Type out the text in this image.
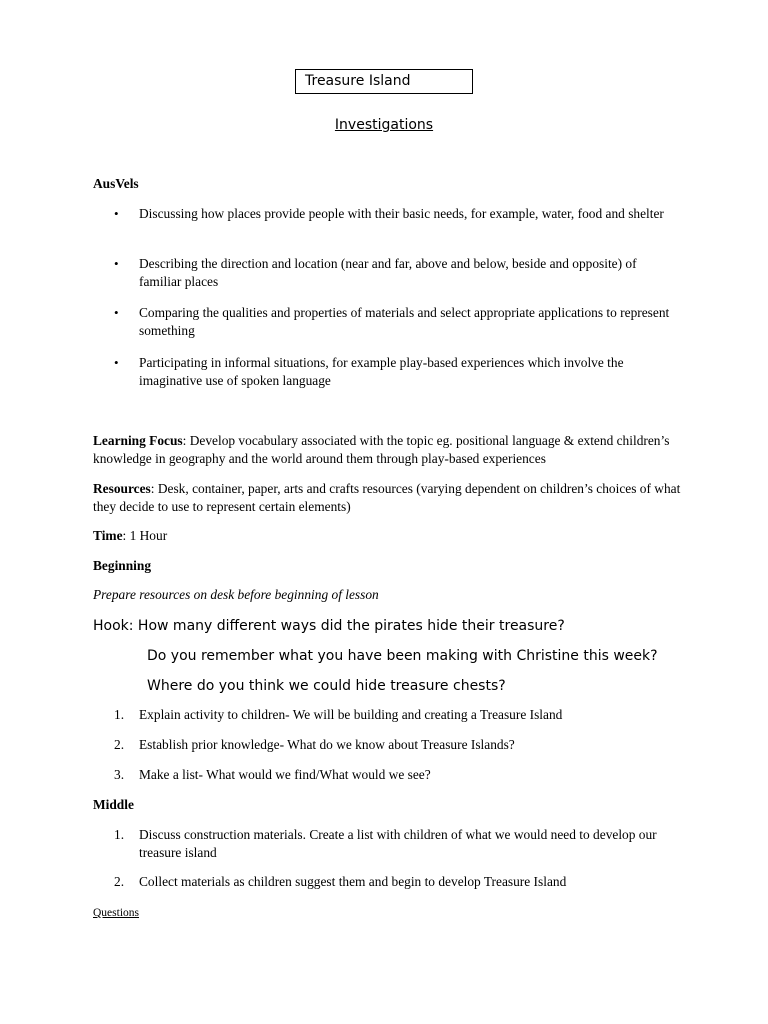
Treasure Island
Investigations
AusVels
• Discussing how places provide people with their basic needs, for example, water, food and shelter
• Describing the direction and location (near and far, above and below, beside and opposite) of familiar places
• Comparing the qualities and properties of materials and select appropriate applications to represent something
• Participating in informal situations, for example play-based experiences which involve the imaginative use of spoken language
Learning Focus: Develop vocabulary associated with the topic eg. positional language & extend children’s knowledge in geography and the world around them through play-based experiences
Resources: Desk, container, paper, arts and crafts resources (varying dependent on children’s choices of what they decide to use to represent certain elements)
Time: 1 Hour
Beginning
Prepare resources on desk before beginning of lesson
Hook: How many different ways did the pirates hide their treasure?
Do you remember what you have been making with Christine this week?
Where do you think we could hide treasure chests?
1. Explain activity to children- We will be building and creating a Treasure Island
2. Establish prior knowledge- What do we know about Treasure Islands?
3. Make a list- What would we find/What would we see?
Middle
1. Discuss construction materials. Create a list with children of what we would need to develop our treasure island
2. Collect materials as children suggest them and begin to develop Treasure Island
Questions
